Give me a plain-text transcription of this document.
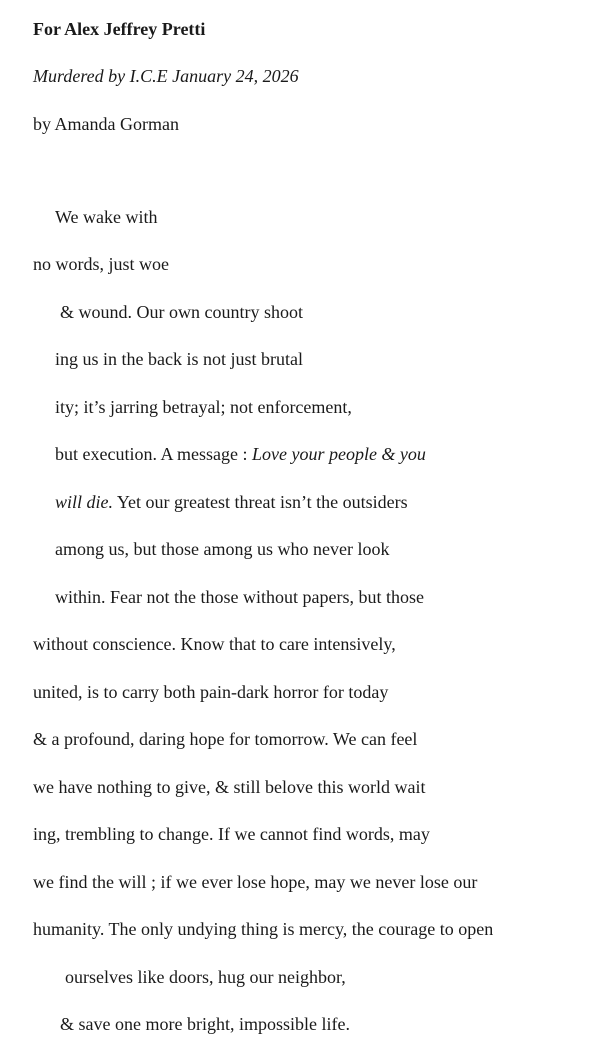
For Alex Jeffrey Pretti

Murdered by I.C.E January 24, 2026

by Amanda Gorman

We wake with

no words, just woe

& wound. Our own country shoot

ing us in the back is not just brutal

ity; it’s jarring betrayal; not enforcement,

but execution. A message : Love your people & you

will die. Yet our greatest threat isn’t the outsiders

among us, but those among us who never look

within. Fear not the those without papers, but those

without conscience. Know that to care intensively,

united, is to carry both pain-dark horror for today

& a profound, daring hope for tomorrow. We can feel

we have nothing to give, & still belove this world wait

ing, trembling to change. If we cannot find words, may

we find the will ; if we ever lose hope, may we never lose our

humanity. The only undying thing is mercy, the courage to open

ourselves like doors, hug our neighbor,

& save one more bright, impossible life.
